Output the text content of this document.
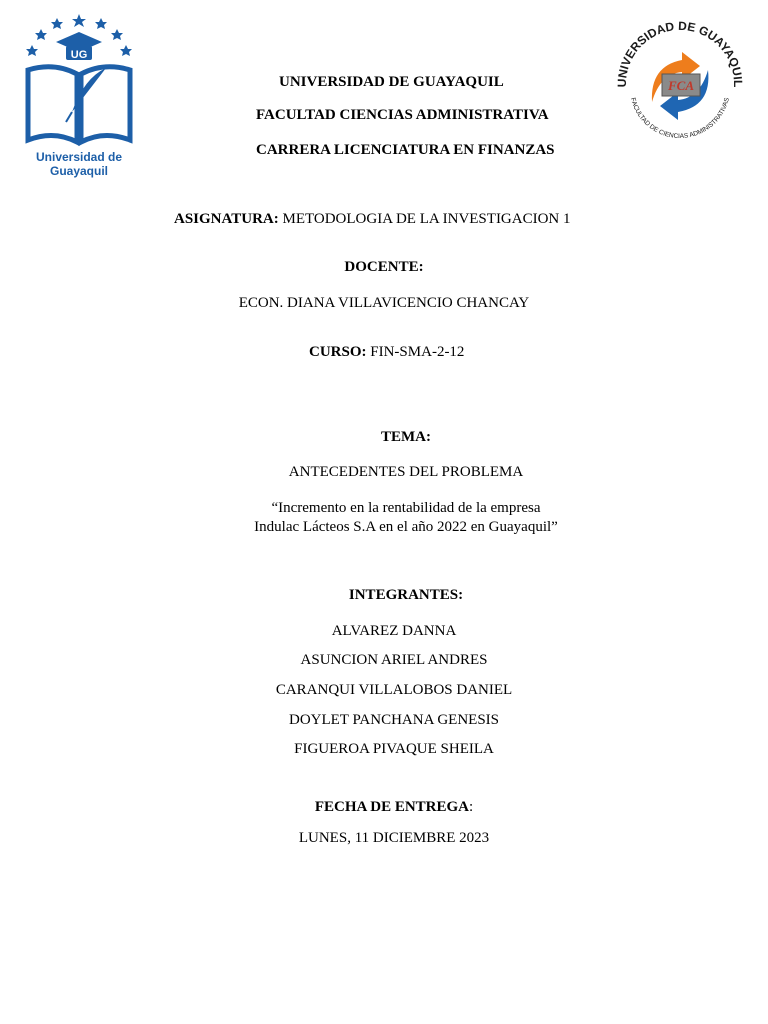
UG
Universidad de Guayaquil
UNIVERSIDAD DE GUAYAQUIL
FACULTAD DE CIENCIAS ADMINISTRATIVAS
FCA
UNIVERSIDAD DE GUAYAQUIL
FACULTAD CIENCIAS ADMINISTRATIVA
CARRERA LICENCIATURA EN FINANZAS
ASIGNATURA: METODOLOGIA DE LA INVESTIGACION 1
DOCENTE:
ECON. DIANA VILLAVICENCIO CHANCAY
CURSO: FIN-SMA-2-12
TEMA:
ANTECEDENTES DEL PROBLEMA
“Incremento en la rentabilidad de la empresa
Indulac Lácteos S.A en el año 2022 en Guayaquil”
INTEGRANTES:
ALVAREZ DANNA
ASUNCION ARIEL ANDRES
CARANQUI VILLALOBOS DANIEL
DOYLET PANCHANA GENESIS
FIGUEROA PIVAQUE SHEILA
FECHA DE ENTREGA:
LUNES, 11 DICIEMBRE 2023
